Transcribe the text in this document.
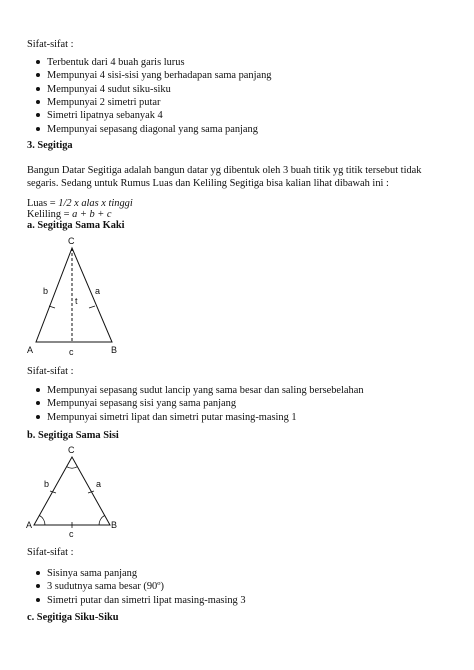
Sifat-sifat :

Terbentuk dari 4 buah garis lurus
Mempunyai 4 sisi-sisi yang berhadapan sama panjang
Mempunyai 4 sudut siku-siku
Mempunyai 2 simetri putar
Simetri lipatnya sebanyak 4
Mempunyai sepasang diagonal yang sama panjang

3. Segitiga

Bangun Datar Segitiga adalah bangun datar yg dibentuk oleh 3 buah titik yg titik tersebut tidak segaris. Sedang untuk Rumus Luas dan Keliling Segitiga bisa kalian lihat dibawah ini :

Luas = 1/2 x alas x tinggi

Keliling = a + b + c

a. Segitiga Sama Kaki

C
A	B
b	a
c
t

Sifat-sifat :

Mempunyai sepasang sudut lancip yang sama besar dan saling bersebelahan
Mempunyai sepasang sisi yang sama panjang
Mempunyai simetri lipat dan simetri putar masing-masing 1

b. Segitiga Sama Sisi

C
A	B
b	a
c

Sifat-sifat :

Sisinya sama panjang
3 sudutnya sama besar (90º)
Simetri putar dan simetri lipat masing-masing 3

c. Segitiga Siku-Siku
